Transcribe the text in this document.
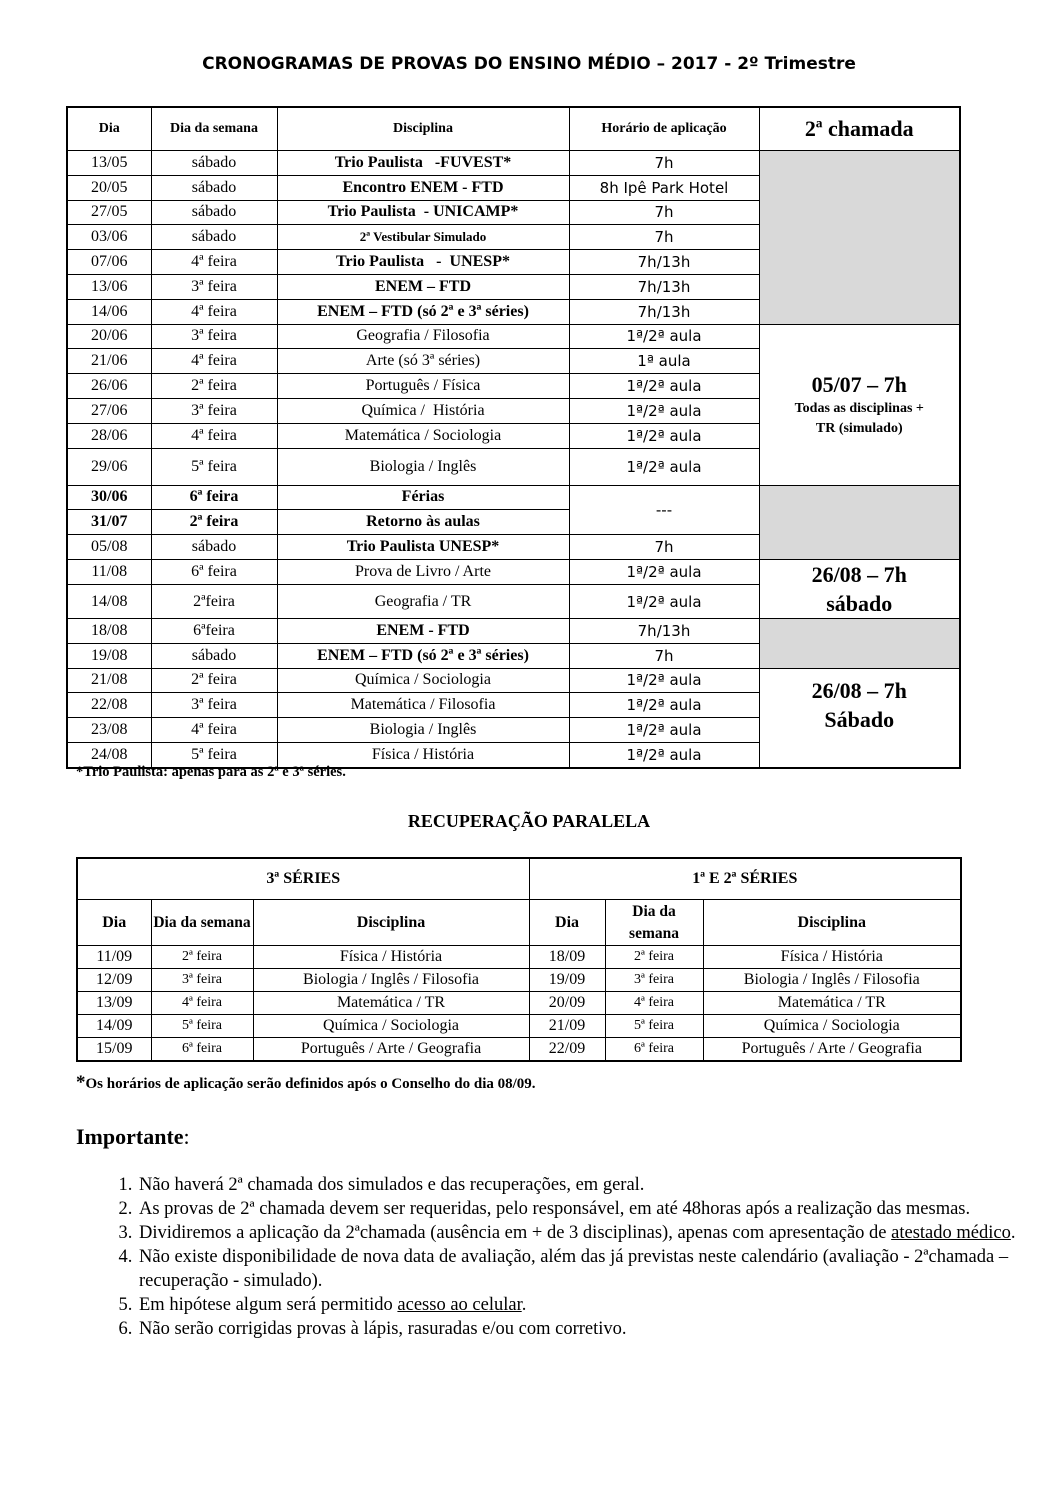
CRONOGRAMAS DE PROVAS DO ENSINO MÉDIO – 2017 - 2º Trimestre
Dia	Dia da semana	Disciplina	Horário de aplicação	2ª chamada
13/05	sábado	Trio Paulista   -FUVEST*	7h	
20/05	sábado	Encontro ENEM - FTD	8h Ipê Park Hotel	
27/05	sábado	Trio Paulista  - UNICAMP*	7h	
03/06	sábado	2ª Vestibular Simulado	7h	
07/06	4ª feira	Trio Paulista   -  UNESP*	7h/13h	
13/06	3ª feira	ENEM – FTD	7h/13h	
14/06	4ª feira	ENEM – FTD (só 2ª e 3ª séries)	7h/13h	
20/06	3ª feira	Geografia / Filosofia	1ª/2ª aula	05/07 – 7h
Todas as disciplinas +
TR (simulado)

21/06	4ª feira	Arte (só 3ª séries)	1ª aula	
26/06	2ª feira	Português / Física	1ª/2ª aula	
27/06	3ª feira	Química /  História	1ª/2ª aula	
28/06	4ª feira	Matemática / Sociologia	1ª/2ª aula	
29/06	5ª feira	Biologia / Inglês	1ª/2ª aula	
30/06	6ª feira	Férias	---	
31/07	2ª feira	Retorno às aulas		
05/08	sábado	Trio Paulista UNESP*	7h	
11/08	6ª feira	Prova de Livro / Arte	1ª/2ª aula	26/08 – 7h
sábado

14/08	2ªfeira	Geografia / TR	1ª/2ª aula	
18/08	6ªfeira	ENEM - FTD	7h/13h	
19/08	sábado	ENEM – FTD (só 2ª e 3ª séries)	7h	
21/08	2ª feira	Química / Sociologia	1ª/2ª aula	26/08 – 7h
Sábado

22/08	3ª feira	Matemática / Filosofia	1ª/2ª aula	
23/08	4ª feira	Biologia / Inglês	1ª/2ª aula	
24/08	5ª feira	Física / História	1ª/2ª aula	
*Trio Paulista: apenas para as 2ª e 3ª séries.
RECUPERAÇÃO PARALELA
3ª SÉRIES			1ª E 2ª SÉRIES		
Dia	Dia da semana	Disciplina	Dia	Dia da semana	Disciplina
11/09	2ª feira	Física / História	18/09	2ª feira	Física / História
12/09	3ª feira	Biologia / Inglês / Filosofia	19/09	3ª feira	Biologia / Inglês / Filosofia
13/09	4ª feira	Matemática / TR	20/09	4ª feira	Matemática / TR
14/09	5ª feira	Química / Sociologia	21/09	5ª feira	Química / Sociologia
15/09	6ª feira	Português / Arte / Geografia	22/09	6ª feira	Português / Arte / Geografia
*Os horários de aplicação serão definidos após o Conselho do dia 08/09.
Importante:
1. Não haverá 2ª chamada dos simulados e das recuperações, em geral.
2. As provas de 2ª chamada devem ser requeridas, pelo responsável, em até 48horas após a realização das mesmas.
3. Dividiremos a aplicação da 2ªchamada (ausência em + de 3 disciplinas), apenas com apresentação de atestado médico.
4. Não existe disponibilidade de nova data de avaliação, além das já previstas neste calendário (avaliação - 2ªchamada – recuperação - simulado).
5. Em hipótese algum será permitido acesso ao celular.
6. Não serão corrigidas provas à lápis, rasuradas e/ou com corretivo.
